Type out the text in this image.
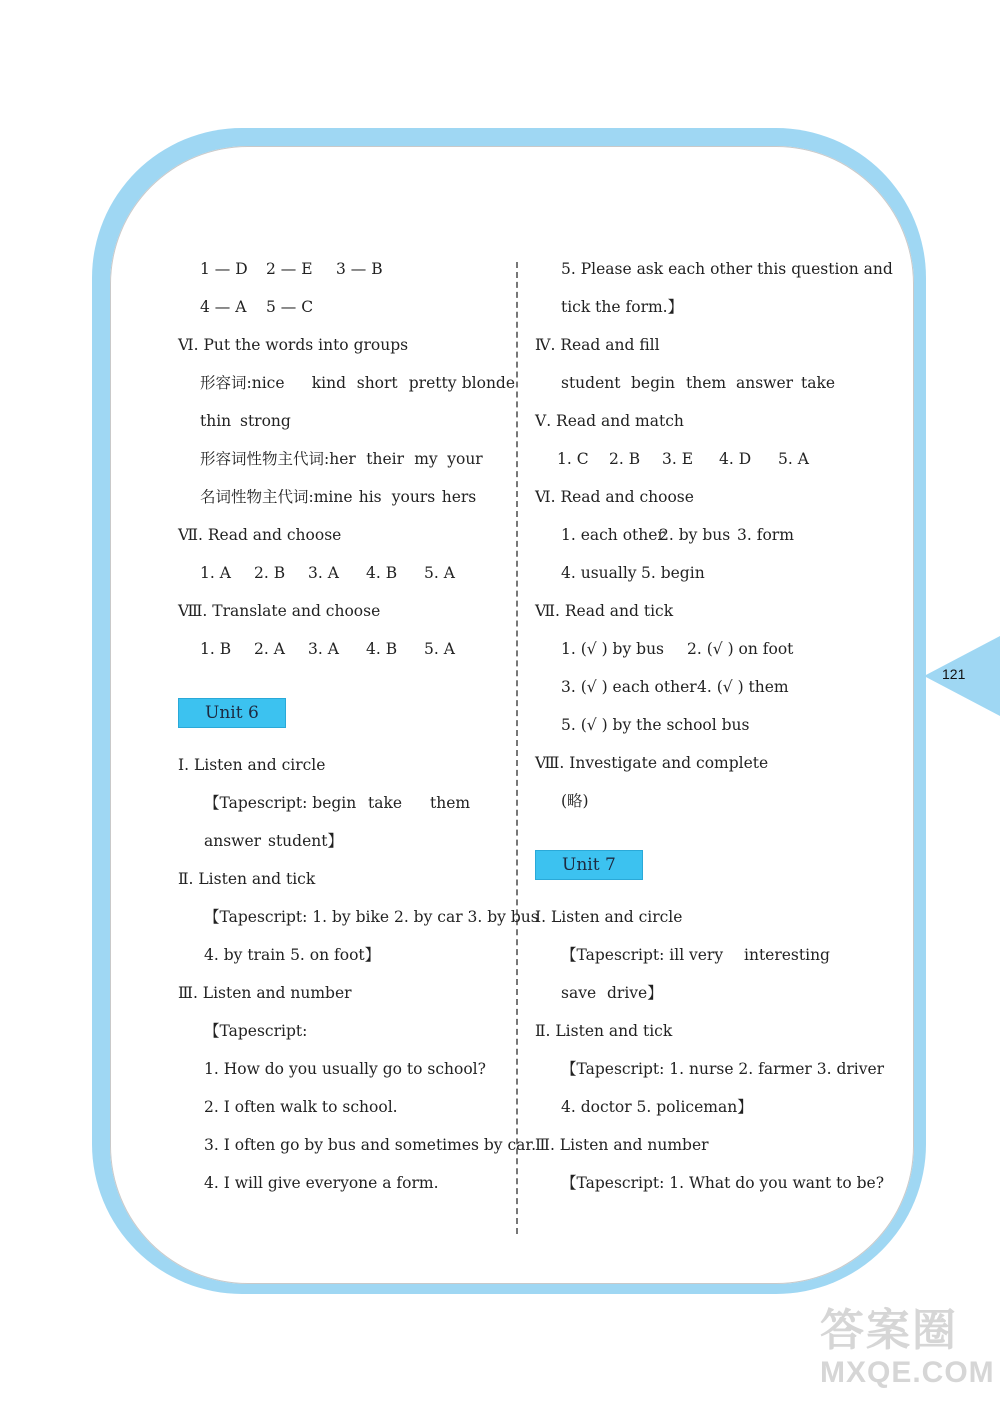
1 — D 2 — E 3 — B
4 — A 5 — C
Ⅵ. Put the words into groups
形容词:nice kind short pretty blonde
thin strong
形容词性物主代词:her their my your
名词性物主代词:mine his yours hers
Ⅶ. Read and choose
1. A 2. B 3. A 4. B 5. A
Ⅷ. Translate and choose
1. B 2. A 3. A 4. B 5. A
Unit 6
Ⅰ. Listen and circle
【Tapescript: begin take them
answer student】
Ⅱ. Listen and tick
【Tapescript: 1. by bike 2. by car 3. by bus
4. by train 5. on foot】
Ⅲ. Listen and number
【Tapescript:
1. How do you usually go to school?
2. I often walk to school.
3. I often go by bus and sometimes by car.
4. I will give everyone a form.
5. Please ask each other this question and
tick the form.】
Ⅳ. Read and fill
student begin them answer take
Ⅴ. Read and match
1. C 2. B 3. E 4. D 5. A
Ⅵ. Read and choose
1. each other2. by bus 3. form
4. usually 5. begin
Ⅶ. Read and tick
1. (√ ) by bus 2. (√ ) on foot
3. (√ ) each other4. (√ ) them
5. (√ ) by the school bus
Ⅷ. Investigate and complete
(略)
Unit 7
Ⅰ. Listen and circle
【Tapescript: ill very interesting
save drive】
Ⅱ. Listen and tick
【Tapescript: 1. nurse 2. farmer 3. driver
4. doctor 5. policeman】
Ⅲ. Listen and number
【Tapescript: 1. What do you want to be?
121
答案圈
MXQE.COM
